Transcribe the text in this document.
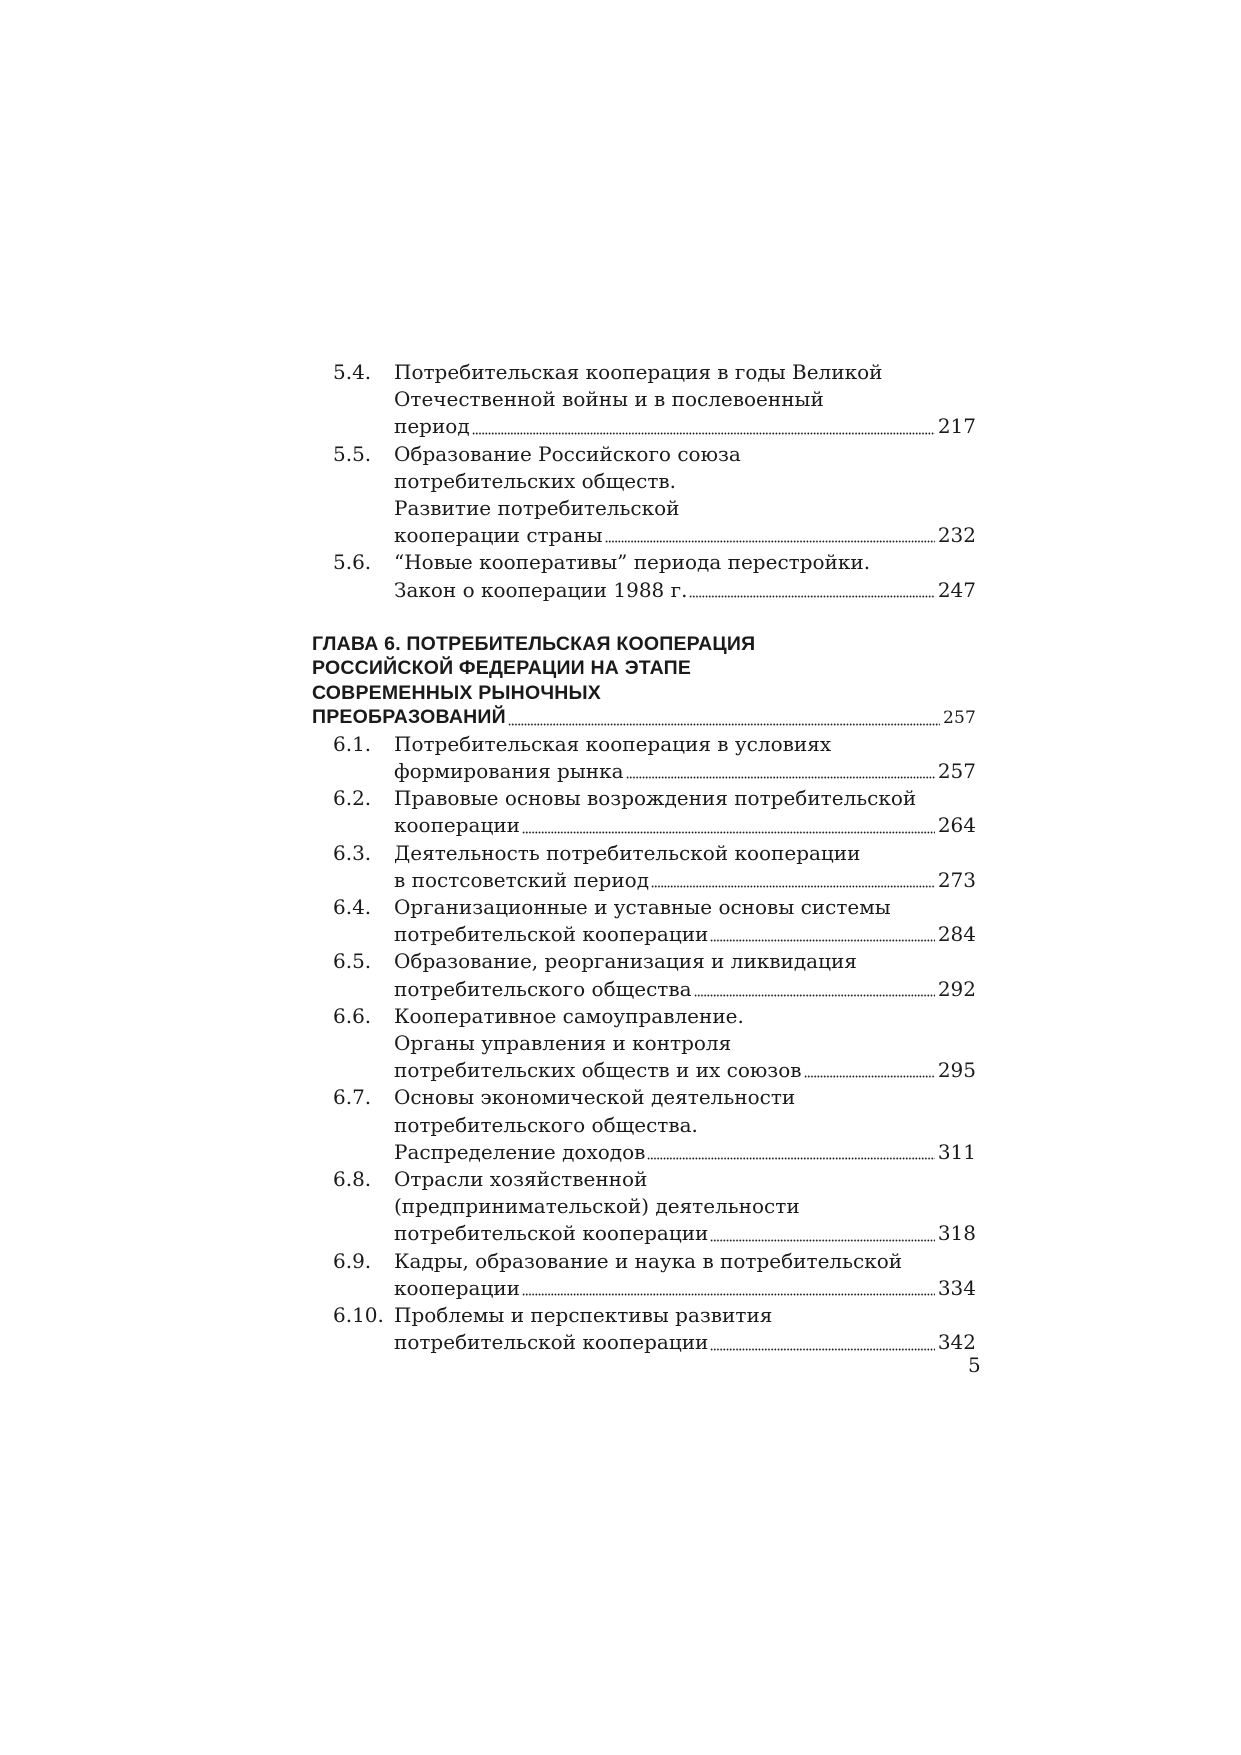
5.4. Потребительская кооперация в годы Великой
Отечественной войны и в послевоенный
период	217
5.5. Образование Российского союза
потребительских обществ.
Развитие потребительской
кооперации страны	232
5.6. “Новые кооперативы” периода перестройки.
Закон о кооперации 1988 г.	247
ГЛАВА 6. ПОТРЕБИТЕЛЬСКАЯ КООПЕРАЦИЯ
РОССИЙСКОЙ ФЕДЕРАЦИИ НА ЭТАПЕ
СОВРЕМЕННЫХ РЫНОЧНЫХ
ПРЕОБРАЗОВАНИЙ	257
6.1. Потребительская кооперация в условиях
формирования рынка	257
6.2. Правовые основы возрождения потребительской
кооперации	264
6.3. Деятельность потребительской кооперации
в постсоветский период	273
6.4. Организационные и уставные основы системы
потребительской кооперации	284
6.5. Образование, реорганизация и ликвидация
потребительского общества	292
6.6. Кооперативное самоуправление.
Органы управления и контроля
потребительских обществ и их союзов	295
6.7. Основы экономической деятельности
потребительского общества.
Распределение доходов	311
6.8. Отрасли хозяйственной
(предпринимательской) деятельности
потребительской кооперации	318
6.9. Кадры, образование и наука в потребительской
кооперации	334
6.10. Проблемы и перспективы развития
потребительской кооперации	342
5
